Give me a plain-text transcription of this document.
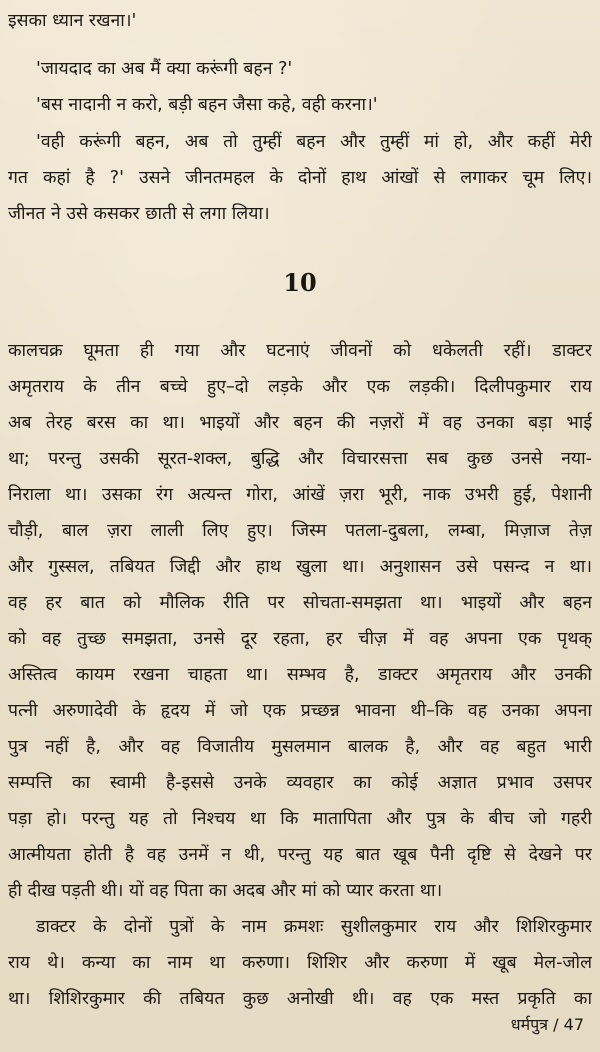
इसका ध्यान रखना।'
'जायदाद का अब मैं क्या करूंगी बहन ?'
'बस नादानी न करो, बड़ी बहन जैसा कहे, वही करना।'
'वही करूंगी बहन, अब तो तुम्हीं बहन और तुम्हीं मां हो, और कहीं मेरी
गत कहां है ?' उसने जीनतमहल के दोनों हाथ आंखों से लगाकर चूम लिए।
जीनत ने उसे कसकर छाती से लगा लिया।
10
कालचक्र घूमता ही गया और घटनाएं जीवनों को धकेलती रहीं। डाक्टर
अमृतराय के तीन बच्चे हुए–दो लड़के और एक लड़की। दिलीपकुमार राय
अब तेरह बरस का था। भाइयों और बहन की नज़रों में वह उनका बड़ा भाई
था; परन्तु उसकी सूरत-शक्ल, बुद्धि और विचारसत्ता सब कुछ उनसे नया-
निराला था। उसका रंग अत्यन्त गोरा, आंखें ज़रा भूरी, नाक उभरी हुई, पेशानी
चौड़ी, बाल ज़रा लाली लिए हुए। जिस्म पतला-दुबला, लम्बा, मिज़ाज तेज़
और गुस्सल, तबियत जिद्दी और हाथ खुला था। अनुशासन उसे पसन्द न था।
वह हर बात को मौलिक रीति पर सोचता-समझता था। भाइयों और बहन
को वह तुच्छ समझता, उनसे दूर रहता, हर चीज़ में वह अपना एक पृथक्
अस्तित्व कायम रखना चाहता था। सम्भव है, डाक्टर अमृतराय और उनकी
पत्नी अरुणादेवी के हृदय में जो एक प्रच्छन्न भावना थी–कि वह उनका अपना
पुत्र नहीं है, और वह विजातीय मुसलमान बालक है, और वह बहुत भारी
सम्पत्ति का स्वामी है-इससे उनके व्यवहार का कोई अज्ञात प्रभाव उसपर
पड़ा हो। परन्तु यह तो निश्चय था कि मातापिता और पुत्र के बीच जो गहरी
आत्मीयता होती है वह उनमें न थी, परन्तु यह बात खूब पैनी दृष्टि से देखने पर
ही दीख पड़ती थी। यों वह पिता का अदब और मां को प्यार करता था।
डाक्टर के दोनों पुत्रों के नाम क्रमशः सुशीलकुमार राय और शिशिरकुमार
राय थे। कन्या का नाम था करुणा। शिशिर और करुणा में खूब मेल-जोल
था। शिशिरकुमार की तबियत कुछ अनोखी थी। वह एक मस्त प्रकृति का
धर्मपुत्र / 47
